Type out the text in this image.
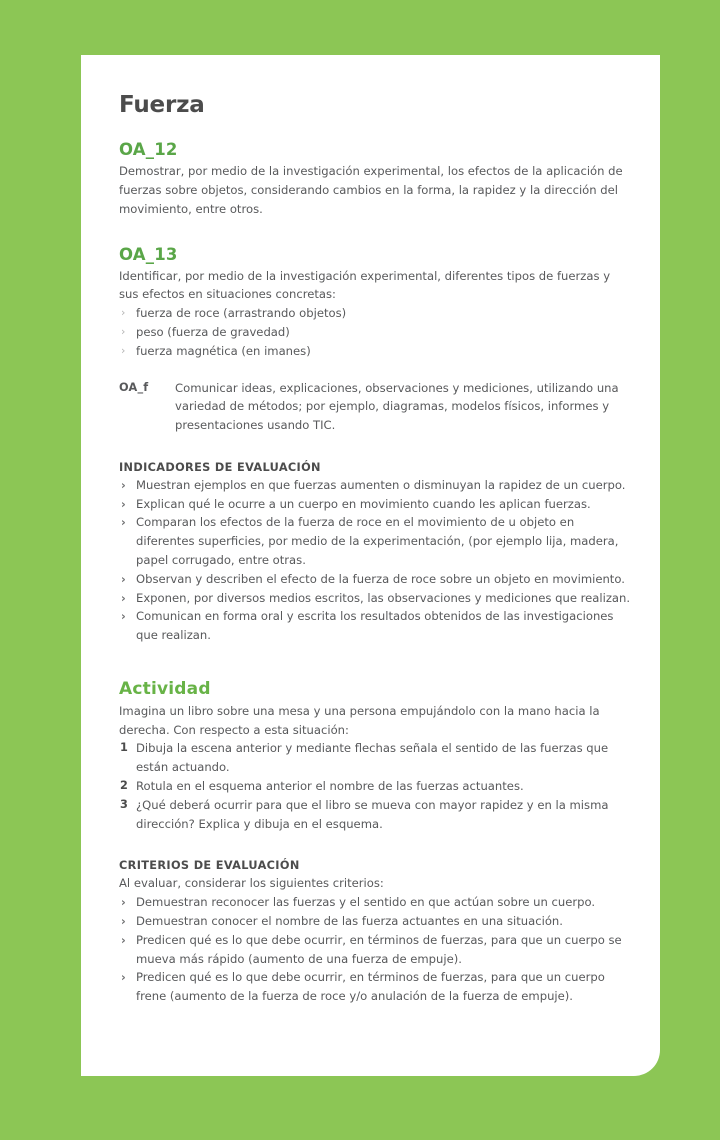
Fuerza
OA_12

Demostrar, por medio de la investigación experimental, los efectos de la aplicación de fuerzas sobre objetos, considerando cambios en la forma, la rapidez y la dirección del movimiento, entre otros.

OA_13

Identificar, por medio de la investigación experimental, diferentes tipos de fuerzas y sus efectos en situaciones concretas:

› fuerza de roce (arrastrando objetos)
› peso (fuerza de gravedad)
› fuerza magnética (en imanes)
OA_f	Comunicar ideas, explicaciones, observaciones y mediciones, utilizando una variedad de métodos; por ejemplo, diagramas, modelos físicos, informes y presentaciones usando TIC.
INDICADORES DE EVALUACIÓN
› Muestran ejemplos en que fuerzas aumenten o disminuyan la rapidez de un cuerpo.
› Explican qué le ocurre a un cuerpo en movimiento cuando les aplican fuerzas.
› Comparan los efectos de la fuerza de roce en el movimiento de u objeto en diferentes superficies, por medio de la experimentación, (por ejemplo lija, madera, papel corrugado, entre otras.
› Observan y describen el efecto de la fuerza de roce sobre un objeto en movimiento.
› Exponen, por diversos medios escritos, las observaciones y mediciones que realizan.
› Comunican en forma oral y escrita los resultados obtenidos de las investigaciones que realizan.
Actividad

Imagina un libro sobre una mesa y una persona empujándolo con la mano hacia la derecha. Con respecto a esta situación:

1 Dibuja la escena anterior y mediante flechas señala el sentido de las fuerzas que están actuando.
2 Rotula en el esquema anterior el nombre de las fuerzas actuantes.
3 ¿Qué deberá ocurrir para que el libro se mueva con mayor rapidez y en la misma dirección? Explica y dibuja en el esquema.
CRITERIOS DE EVALUACIÓN

Al evaluar, considerar los siguientes criterios:

› Demuestran reconocer las fuerzas y el sentido en que actúan sobre un cuerpo.
› Demuestran conocer el nombre de las fuerza actuantes en una situación.
› Predicen qué es lo que debe ocurrir, en términos de fuerzas, para que un cuerpo se mueva más rápido (aumento de una fuerza de empuje).
› Predicen qué es lo que debe ocurrir, en términos de fuerzas, para que un cuerpo frene (aumento de la fuerza de roce y/o anulación de la fuerza de empuje).
